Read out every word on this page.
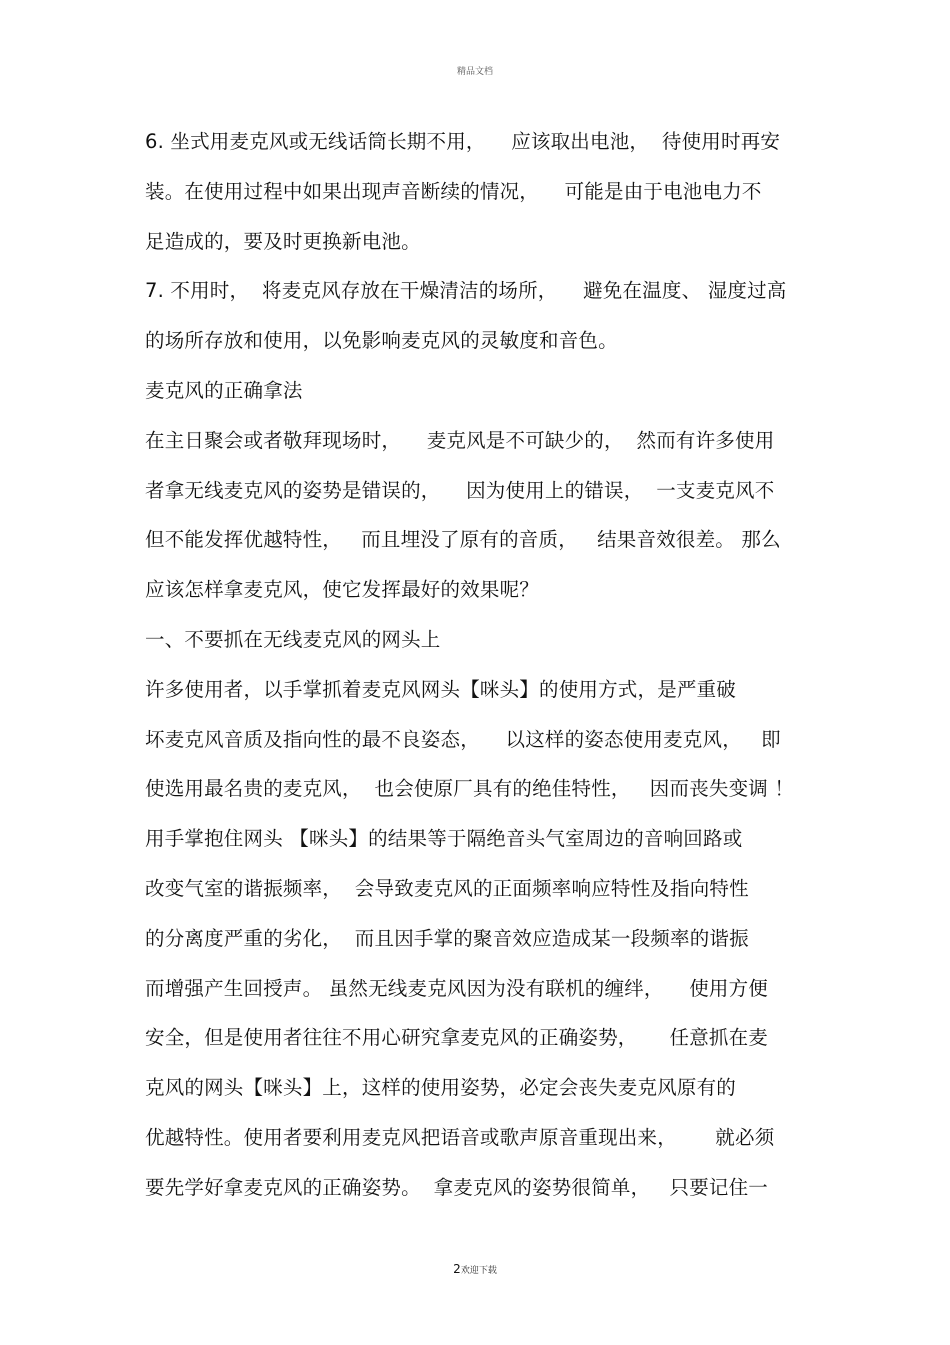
精品文档
6. 坐式用麦克风或无线话筒长期不用，    应该取出电池，  待使用时再安
装。在使用过程中如果出现声音断续的情况，    可能是由于电池电力不
足造成的，要及时更换新电池。
7. 不用时，  将麦克风存放在干燥清洁的场所，    避免在温度、 湿度过高
的场所存放和使用，以免影响麦克风的灵敏度和音色。
麦克风的正确拿法
在主日聚会或者敬拜现场时，    麦克风是不可缺少的，  然而有许多使用
者拿无线麦克风的姿势是错误的，    因为使用上的错误，  一支麦克风不
但不能发挥优越特性，   而且埋没了原有的音质，   结果音效很差。 那么
应该怎样拿麦克风，使它发挥最好的效果呢？
一、不要抓在无线麦克风的网头上
许多使用者，以手掌抓着麦克风网头【咪头】的使用方式，是严重破
坏麦克风音质及指向性的最不良姿态，    以这样的姿态使用麦克风，   即
使选用最名贵的麦克风，  也会使原厂具有的绝佳特性，   因而丧失变调 ！
用手掌抱住网头 【咪头】的结果等于隔绝音头气室周边的音响回路或
改变气室的谐振频率，  会导致麦克风的正面频率响应特性及指向特性
的分离度严重的劣化，  而且因手掌的聚音效应造成某一段频率的谐振
而增强产生回授声。 虽然无线麦克风因为没有联机的缠绊，    使用方便
安全，但是使用者往往不用心研究拿麦克风的正确姿势，     任意抓在麦
克风的网头【咪头】上，这样的使用姿势，必定会丧失麦克风原有的
优越特性。使用者要利用麦克风把语音或歌声原音重现出来，      就必须
要先学好拿麦克风的正确姿势。  拿麦克风的姿势很简单，   只要记住一
2欢迎下载
